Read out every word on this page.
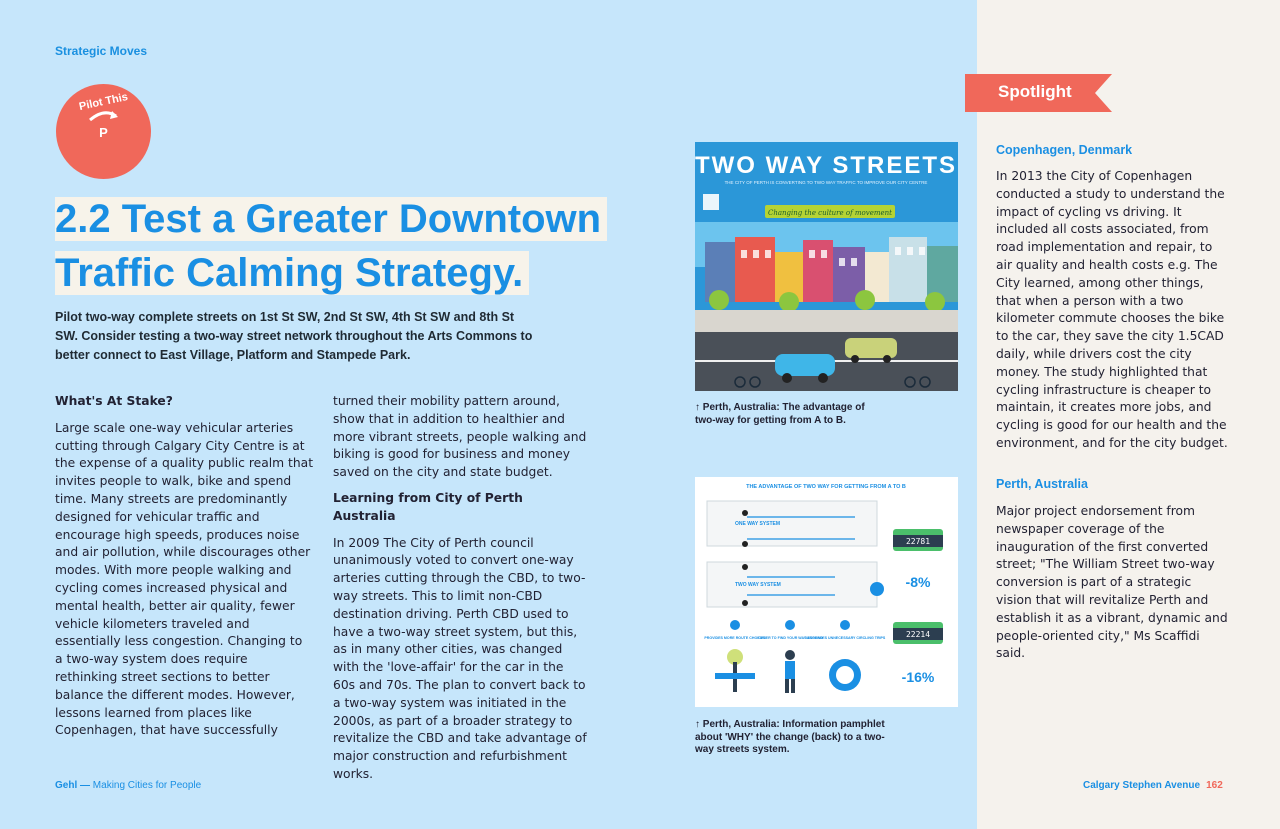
Strategic Moves
Pilot This
P
2.2 Test a Greater Downtown
Traffic Calming Strategy.

Pilot two-way complete streets on 1st St SW, 2nd St SW, 4th St SW and 8th St SW. Consider testing a two-way street network throughout the Arts Commons to better connect to East Village, Platform and Stampede Park.

What's At Stake?

Large scale one-way vehicular arteries cutting through Calgary City Centre is at the expense of a quality public realm that invites people to walk, bike and spend time. Many streets are predominantly designed for vehicular traffic and encourage high speeds, produces noise and air pollution, while discourages other modes. With more people walking and cycling comes increased physical and mental health, better air quality, fewer vehicle kilometers traveled and essentially less congestion. Changing to a two-way system does require rethinking street sections to better balance the different modes. However, lessons learned from places like Copenhagen, that have successfully

turned their mobility pattern around, show that in addition to healthier and more vibrant streets, people walking and biking is good for business and money saved on the city and state budget.

Learning from City of Perth Australia

In 2009 The City of Perth council unanimously voted to convert one-way arteries cutting through the CBD, to two-way streets. This to limit non-CBD destination driving. Perth CBD used to have a two-way street system, but this, as in many other cities, was changed with the 'love-affair' for the car in the 60s and 70s. The plan to convert back to a two-way system was initiated in the 2000s, as part of a broader strategy to revitalize the CBD and take advantage of major construction and refurbishment works.

TWO WAY STREETS
THE CITY OF PERTH IS CONVERTING TO TWO WAY TRAFFIC TO IMPROVE OUR CITY CENTRE
Changing the culture of movement
↑ Perth, Australia: The advantage of two-way for getting from A to B.
THE ADVANTAGE OF TWO WAY FOR GETTING FROM A TO B
ONE WAY SYSTEM
TWO WAY SYSTEM
22781
-8%
22214
-16%
PROVIDES MORE ROUTE CHOICES
EASIER TO FIND YOUR WAY AROUND
DECREASES UNNECESSARY CIRCLING TRIPS
↑ Perth, Australia: Information pamphlet about 'WHY' the change (back) to a two-way streets system.
Spotlight
Copenhagen, Denmark

In 2013 the City of Copenhagen conducted a study to understand the impact of cycling vs driving. It included all costs associated, from road implementation and repair, to air quality and health costs e.g. The City learned, among other things, that when a person with a two kilometer commute chooses the bike to the car, they save the city 1.5CAD daily, while drivers cost the city money. The study highlighted that cycling infrastructure is cheaper to maintain, it creates more jobs, and cycling is good for our health and the environment, and for the city budget.

Perth, Australia

Major project endorsement from newspaper coverage of the inauguration of the first converted street; "The William Street two-way conversion is part of a strategic vision that will revitalize Perth and establish it as a vibrant, dynamic and people-oriented city," Ms Scaffidi said.

Gehl — Making Cities for People	Calgary Stephen Avenue 162
